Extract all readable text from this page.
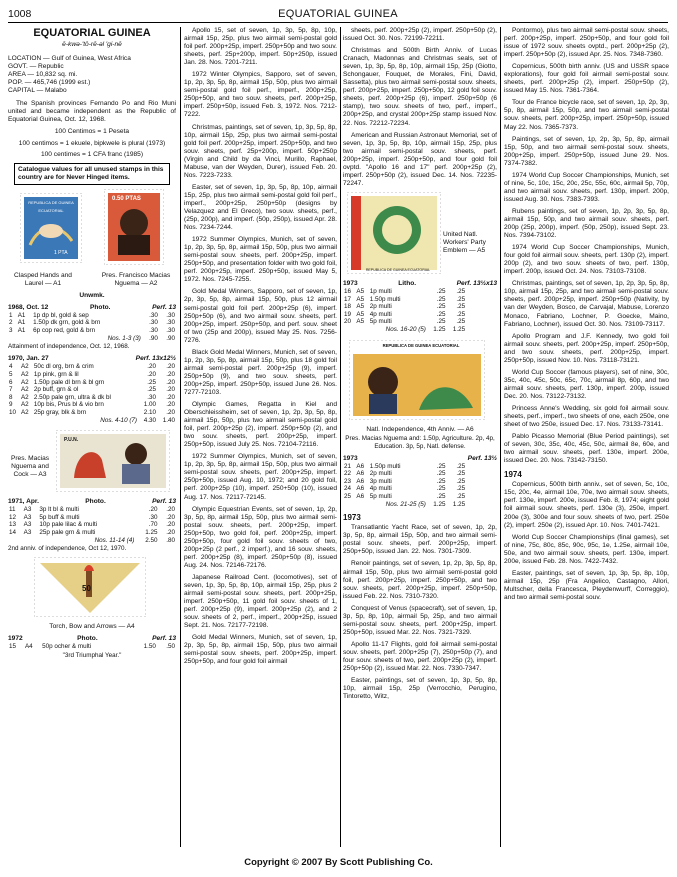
EQUATORIAL GUINEA
1008
EQUATORIAL GUINEA
ē-kwə-'tō-rē-əl 'gi-nē
LOCATION — Gulf of Guinea, West Africa
GOVT. — Republic
AREA — 10,832 sq. mi.
POP. — 465,746 (1999 est.)
CAPITAL — Malabo

The Spanish provinces Fernando Po and Rio Muni united and became independent as the Republic of Equatorial Guinea, Oct. 12, 1968.

100 Centimos = 1 Peseta
100 centimos = 1 ekuele, bipkwele is plural (1973)
100 centimes = 1 CFA franc (1985)
Catalogue values for all unused stamps in this country are for Never Hinged items.
REPUBLICA DE GUINEA ECUATORIAL
1 PTA
0.50 PTAS
Clasped Hands and Laurel — A1
Pres. Francisco Macias Nguema — A2
Unwmk.
1968, Oct. 12	Photo.	Perf. 13
1	A1	1p dp bl, gold & sep	.30	.30
2	A1	1.50p dk grn, gold & brn	.30	.30
3	A1	6p cop red, gold & brn	.30	.30
		Nos. 1-3 (3)	.90	.90
Attainment of independence, Oct. 12, 1968.
1970, Jan. 27	Perf. 13x12½
4	A2	50c dl org, brn & crim	.20	.20
5	A2	1p pink, grn & lil	.20	.20
6	A2	1.50p pale dl brn & bl grn	.25	.20
7	A2	2p buff, grn & ol	.25	.20
8	A2	2.50p pale grn, ultra & dk bl	.30	.20
9	A2	10p bis, Prus bl & vio brn	1.00	.20
10	A2	25p gray, blk & brn	2.10	.20
		Nos. 4-10 (7)	4.30	1.40
Pres. Macias Nguema and Cock — A3
P.U.N.
1971, Apr.	Photo.	Perf. 13
11	A3	3p lt bl & multi	.20	.20
12	A3	5p buff & multi	.30	.20
13	A3	10p pale lilac & multi	.70	.20
14	A3	25p pale grn & multi	1.25	.20
		Nos. 11-14 (4)	2.50	.80
2nd anniv. of independence, Oct 12, 1970.
50
Torch, Bow and Arrows — A4
1972	Photo.	Perf. 13
15	A4	50p ocher & multi	1.50	.50
"3rd Triumphal Year."

Apollo 15, set of seven, 1p, 3p, 5p, 8p, 10p, airmail 15p, 25p, plus two airmail semi-postal gold foil perf. 200p+25p, imperf. 250p+50p and two souv. sheets, perf. 25p+200p, imperf. 50p+250p, issued Jan. 28. Nos. 7201-7211.

1972 Winter Olympics, Sapporo, set of seven, 1p, 2p, 3p, 5p, 8p, airmail 15p, 50p, plus two airmail semi-postal gold foil perf., imperf., 200p+25p, 250p+50p, and two souv. sheets, perf. 200p+25p, imperf. 250p+50p, issued Feb. 3, 1972. Nos. 7212-7222.

Christmas, paintings, set of seven, 1p, 3p, 5p, 8p, 10p, airmail 15p, 25p, plus two airmail semi-postal gold foil perf. 200p+25p, imperf. 250p+50p, and two souv. sheets, perf. 25p+200p, imperf. 50p+250p (Virgin and Child by da Vinci, Murillo, Raphael, Mabuse, van der Weyden, Durer), issued Feb. 20. Nos. 7223-7233.

Easter, set of seven, 1p, 3p, 5p, 8p, 10p, airmail 15p, 25p, plus two airmail semi-postal gold foil perf., imperf., 200p+25p, 250p+50p (designs by Velazquez and El Greco), two souv. sheets, perf., (25p, 200p), and imperf. (50p, 250p), issued Apr. 28. Nos. 7234-7244.

1972 Summer Olympics, Munich, set of seven, 1p, 2p, 3p, 5p, 8p, airmail 15p, 50p, plus two airmail semi-postal souv. sheets, perf. 200p+25p, imperf. 250p+50p, and presentation folder with two gold foil, perf. 200p+25p, imperf. 250p+50p, issued May 5, 1972. Nos. 7245-7255.

Gold Medal Winners, Sapporo, set of seven, 1p, 2p, 3p, 5p, 8p, airmail 15p, 50p, plus 12 airmail semi-postal gold foil perf. 200p+25p (6), imperf. 250p+50p (6), and two airmail souv. sheets, perf. 200p+25p, imperf. 250p+50p, and perf. souv. sheet of two (25p and 200p), issued May 25. Nos. 7256-7276.

Black Gold Medal Winners, Munich, set of seven, 1p, 2p, 3p, 5p, 8p, airmail 15p, 50p, plus 18 gold foil airmail semi-postal perf. 200p+25p (9), imperf. 250p+50p (9), and two souv. sheets, perf. 200p+25p, imperf. 250p+50p, issued June 26. Nos. 7277-72103.

Olympic Games, Regatta in Kiel and Oberschleissheim, set of seven, 1p, 2p, 3p, 5p, 8p, airmail 15p, 50p, plus two airmail semi-postal gold foil, perf. 200p+25p (2), imperf. 250p+50p (2), and two souv. sheets, perf. 200p+25p, imperf. 250p+50p, issued July 25. Nos. 72104-72116.

1972 Summer Olympics, Munich, set of seven, 1p, 2p, 3p, 5p, 8p, airmail 15p, 50p, plus two airmail semi-postal souv. sheets, perf. 200p+25p, imperf. 250p+50p, issued Aug. 10, 1972; and 20 gold foil, perf. 200p+25p (10), imperf. 250+50p (10), issued Aug. 17. Nos. 72117-72145.

Olympic Equestrian Events, set of seven, 1p, 2p, 3p, 5p, 8p, airmail 15p, 50p, plus two airmail semi-postal souv. sheets, perf. 200p+25p, imperf. 250p+50p, two gold foil, perf. 200p+25p, imperf. 250p+50p, four gold foil souv. sheets of two, 200p+25p (2 perf., 2 imperf.), and 16 souv. sheets, perf. 200p+25p (8), imperf. 250p+50p (8), issued Aug. 24. Nos. 72146-72176.

Japanese Railroad Cent. (locomotives), set of seven, 1p, 3p, 5p, 8p, 10p, airmail 15p, 25p, plus 2 airmail semi-postal souv. sheets, perf. 200p+25p, imperf. 250p+50p, 11 gold foil souv. sheets of 1, perf. 200p+25p (9), imperf. 200p+25p (2), and 2 souv. sheets of 2, perf., imperf., 200p+25p, issued Sept. 21. Nos. 72177-72198.

Gold Medal Winners, Munich, set of seven, 1p, 2p, 3p, 5p, 8p, airmail 15p, 50p, plus two airmail semi-postal souv. sheets, perf. 200p+25p, imperf. 250p+50p, and four gold foil airmail

sheets, perf. 200p+25p (2), imperf. 250p+50p (2), issued Oct. 30. Nos. 72199-72211.

Christmas and 500th Birth Anniv. of Lucas Cranach, Madonnas and Christmas seals, set of seven, 1p, 3p, 5p, 8p, 10p, airmail 15p, 25p (Giotto, Schongauer, Fouquet, de Morales, Fini, David, Sassetta), plus two airmail semi-postal souv. sheets, perf. 200p+25p, imperf. 250p+50p, 12 gold foil souv. sheets, perf. 200p+25p (6), imperf. 250p+50p (6 stamp), two souv. sheets of two, perf., imperf., 200p+25p, and crystal 200p+25p stamp issued Nov. 22. Nos. 72212-72234.

American and Russian Astronaut Memorial, set of seven, 1p, 3p, 5p, 8p, 10p, airmail 15p, 25p, plus two airmail semi-postal souv. sheets, perf. 200p+25p, imperf. 250p+50p, and four gold foil ovptd. "Apollo 16 and 17" perf. 200p+25p (2), imperf. 250p+50p (2), issued Dec. 14. Nos. 72235-72247.

REPUBLICA DE GUINEA ECUATORIAL
United Natl. Workers' Party Emblem — A5
1973	Litho.	Perf. 13½x13
16	A5	1p multi	.25	.25
17	A5	1.50p multi	.25	.25
18	A5	2p multi	.25	.25
19	A5	4p multi	.25	.25
20	A5	5p multi	.25	.25
		Nos. 16-20 (5)	1.25	1.25
REPUBLICA DE GUINEA ECUATORIAL
Natl. Independence, 4th Anniv. — A6
Pres. Macias Nguema and: 1.50p, Agriculture. 2p, 4p, Education. 3p, 5p, Natl. defense.
1973	Perf. 13½
21	A6	1.50p multi	.25	.25
22	A6	2p multi	.25	.25
23	A6	3p multi	.25	.25
24	A6	4p multi	.25	.25
25	A6	5p multi	.25	.25
		Nos. 21-25 (5)	1.25	1.25
1973

Transatlantic Yacht Race, set of seven, 1p, 2p, 3p, 5p, 8p, airmail 15p, 50p, and two airmail semi-postal souv. sheets, perf. 200p+25p, imperf. 250p+50p, issued Jan. 22. Nos. 7301-7309.

Renoir paintings, set of seven, 1p, 2p, 3p, 5p, 8p, airmail 15p, 50p, plus two airmail semi-postal gold foil, perf. 200p+25p, imperf. 250p+50p, and two souv. sheets, perf. 200p+25p, imperf. 250p+50p, issued Feb. 22. Nos. 7310-7320.

Conquest of Venus (spacecraft), set of seven, 1p, 3p, 5p, 8p, 10p, airmail 5p, 25p, and two airmail semi-postal souv. sheets, perf. 200p+25p, imperf. 250p+50p, issued Mar. 22. Nos. 7321-7329.

Apollo 11-17 Flights, gold foil airmail semi-postal souv. sheets, perf. 200p+25p (7), 250p+50p (7), and four souv. sheets of two, perf. 200p+25p (2), imperf. 250p+50p (2), issued Mar. 22. Nos. 7330-7347.

Easter, paintings, set of seven, 1p, 3p, 5p, 8p, 10p, airmail 15p, 25p (Verrocchio, Perugino, Tintoretto, Witz,

Pontormo), plus two airmail semi-postal souv. sheets, perf. 200p+25p, imperf. 250p+50p, and four gold foil issue of 1972 souv. sheets ovptd., perf. 200p+25p (2), imperf. 250p+50p (2), issued Apr. 25. Nos. 7348-7360.

Copernicus, 500th birth anniv. (US and USSR space explorations), four gold foil airmail semi-postal souv. sheets, perf. 200p+25p (2), imperf. 250p+50p (2), issued May 15. Nos. 7361-7364.

Tour de France bicycle race, set of seven, 1p, 2p, 3p, 5p, 8p, airmail 15p, 50p, and two airmail semi-postal souv. sheets, perf. 200p+25p, imperf. 250p+50p, issued May 22. Nos. 7365-7373.

Paintings, set of seven, 1p, 2p, 3p, 5p, 8p, airmail 15p, 50p, and two airmail semi-postal souv. sheets, 200p+25p, imperf. 250p+50p, issued June 29. Nos. 7374-7382.

1974 World Cup Soccer Championships, Munich, set of nine, 5c, 10c, 15c, 20c, 25c, 55c, 60c, airmail 5p, 70p, and two airmail souv. sheets, perf. 130p, imperf. 200p, issued Aug. 30. Nos. 7383-7393.

Rubens paintings, set of seven, 1p, 2p, 3p, 5p, 8p, airmail 15p, 50p, and two airmail souv. sheets, perf. 200p (25p, 200p), imperf. (50p, 250p), issued Sept. 23. Nos. 7394-73102.

1974 World Cup Soccer Championships, Munich, four gold foil airmail souv. sheets, perf. 130p (2), imperf. 200p (2), and two souv. sheets of two, perf. 130p, imperf. 200p, issued Oct. 24. Nos. 73103-73108.

Christmas, paintings, set of seven, 1p, 2p, 3p, 5p, 8p, 10p, airmail 15p, 25p, and two airmail semi-postal souv. sheets, perf. 200p+25p, imperf. 250p+50p (Nativity, by van der Weyden, Bosco, de Carvajal, Mabuse, Lorenzo Monaco, Fabriano, Lochner, P. Goecke, Maino, Fabriano, Lochner), issued Oct. 30. Nos. 73109-73117.

Apollo Program and J.F. Kennedy, two gold foil airmail souv. sheets, perf. 200p+25p, imperf. 250p+50p, and two souv. sheets, perf. 200p+25p, imperf. 250p+50p, issued Nov. 10. Nos. 73118-73121.

World Cup Soccer (famous players), set of nine, 30c, 35c, 40c, 45c, 50c, 65c, 70c, airmail 8p, 60p, and two airmail souv. sheets, perf. 130p, imperf. 200p, issued Dec. 20. Nos. 73122-73132.

Princess Anne's Wedding, six gold foil airmail souv. sheets, perf., imperf., two sheets of one, each 250e, one sheet of two 250e, issued Dec. 17. Nos. 73133-73141.

Pablo Picasso Memorial (Blue Period paintings), set of seven, 30c, 35c, 40c, 45c, 50c, airmail 8e, 60e, and two airmail souv. sheets, perf. 130e, imperf. 200e, issued Dec. 20. Nos. 73142-73150.

1974

Copernicus, 500th birth anniv., set of seven, 5c, 10c, 15c, 20c, 4e, airmail 10e, 70e, two airmail souv. sheets, perf. 130e, imperf. 200e, issued Feb. 8, 1974; eight gold foil airmail souv. sheets, perf. 130e (3), 250e, imperf. 200e (3), 300e and four souv. sheets of two, perf. 250e (2), imperf. 250e (2), issued Apr. 10. Nos. 7401-7421.

World Cup Soccer Championships (final games), set of nine, 75c, 80c, 85c, 90c, 95c, 1e, 1.25e, airmail 10e, 50e, and two airmail souv. sheets, perf. 130e, imperf. 200e, issued Feb. 28. Nos. 7422-7432.

Easter, paintings, set of seven, 1p, 3p, 5p, 8p, 10p, airmail 15p, 25p (Fra Angelico, Castagno, Allori, Multscher, della Francesca, Pleydenwurff, Correggio), and two airmail semi-postal souv.

Copyright © 2007 By Scott Publishing Co.
